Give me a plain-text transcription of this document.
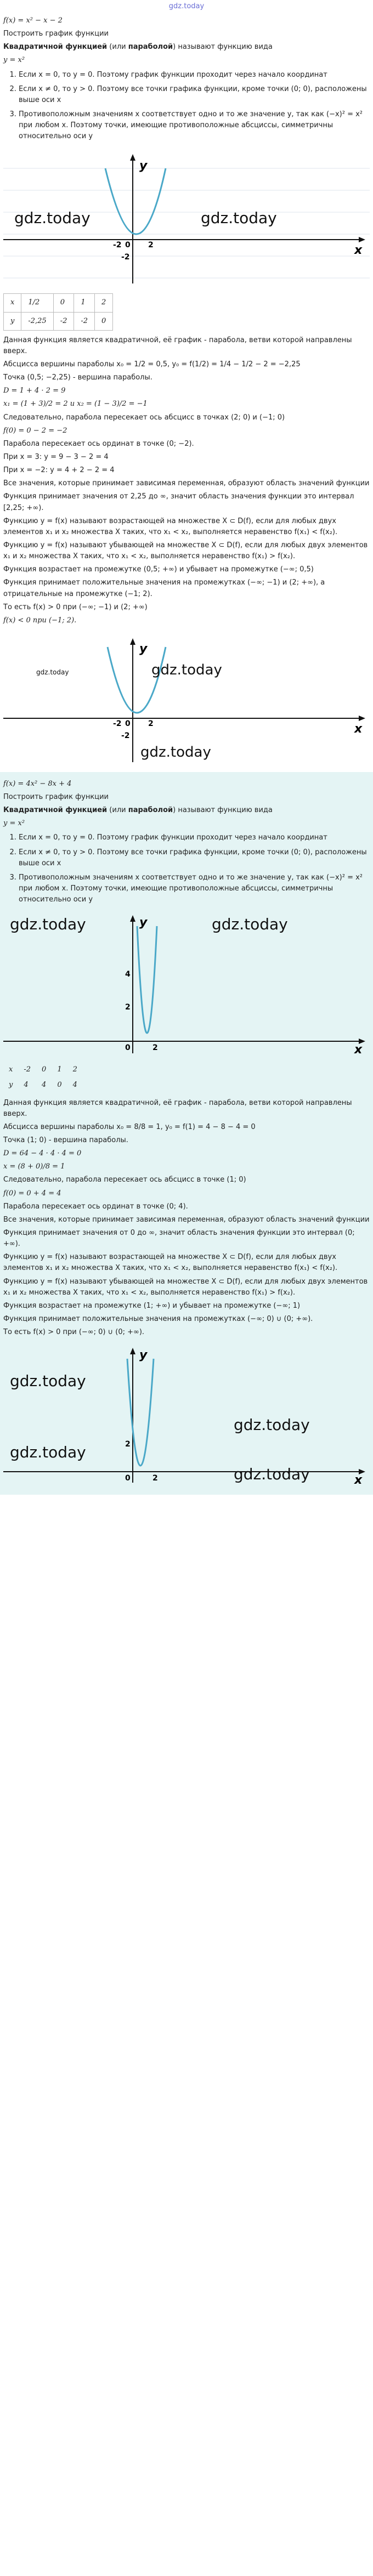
gdz.today

f(x) = x² − x − 2

Построить график функции

Квадратичной функцией (или параболой) называют функцию вида

y = x²

1. Если x = 0, то y = 0. Поэтому график функции проходит через начало координат
2. Если x ≠ 0, то y > 0. Поэтому все точки графика функции, кроме точки (0; 0), расположены выше оси x
3. Противоположным значениям x соответствует одно и то же значение y, так как (−x)² = x² при любом x. Поэтому точки, имеющие противоположные абсциссы, симметричны относительно оси y
y
x
0
-2	2
-2
gdz.today	gdz.today
x	1/2	0	1	2
y	-2,25	-2	-2	0

Данная функция является квадратичной, её график - парабола, ветви которой направлены вверх.

Абсцисса вершины параболы x₀ = 1/2 = 0,5, y₀ = f(1/2) = 1/4 − 1/2 − 2 = −2,25

Точка (0,5; −2,25) - вершина параболы.

D = 1 + 4 · 2 = 9

x₁ = (1 + 3)/2 = 2 и x₂ = (1 − 3)/2 = −1

Следовательно, парабола пересекает ось абсцисс в точках (2; 0) и (−1; 0)

f(0) = 0 − 2 = −2

Парабола пересекает ось ординат в точке (0; −2).

При x = 3: y = 9 − 3 − 2 = 4

При x = −2: y = 4 + 2 − 2 = 4

Все значения, которые принимает зависимая переменная, образуют область значений функции

Функция принимает значения от 2,25 до ∞, значит область значения функции это интервал [2,25; +∞).

Функцию y = f(x) называют возрастающей на множестве X ⊂ D(f), если для любых двух элементов x₁ и x₂ множества X таких, что x₁ < x₂, выполняется неравенство f(x₁) < f(x₂).

Функцию y = f(x) называют убывающей на множестве X ⊂ D(f), если для любых двух элементов x₁ и x₂ множества X таких, что x₁ < x₂, выполняется неравенство f(x₁) > f(x₂).

Функция возрастает на промежутке (0,5; +∞) и убывает на промежутке (−∞; 0,5)

Функция принимает положительные значения на промежутках (−∞; −1) и (2; +∞), а отрицательные на промежутке (−1; 2).

То есть f(x) > 0 при (−∞; −1) и (2; +∞)

f(x) < 0 при (−1; 2).

y
x
0
-2	2
-2
gdz.today	gdz.today
gdz.today

f(x) = 4x² − 8x + 4

Построить график функции

Квадратичной функцией (или параболой) называют функцию вида

y = x²

1. Если x = 0, то y = 0. Поэтому график функции проходит через начало координат
2. Если x ≠ 0, то y > 0. Поэтому все точки графика функции, кроме точки (0; 0), расположены выше оси x
3. Противоположным значениям x соответствует одно и то же значение y, так как (−x)² = x² при любом x. Поэтому точки, имеющие противоположные абсциссы, симметричны относительно оси y
y
x
0	2
4
2
gdz.today	gdz.today
x	-2	0	1	2
y	4	4	0	4

Данная функция является квадратичной, её график - парабола, ветви которой направлены вверх.

Абсцисса вершины параболы x₀ = 8/8 = 1, y₀ = f(1) = 4 − 8 − 4 = 0

Точка (1; 0) - вершина параболы.

D = 64 − 4 · 4 · 4 = 0

x = (8 + 0)/8 = 1

Следовательно, парабола пересекает ось абсцисс в точке (1; 0)

f(0) = 0 + 4 = 4

Парабола пересекает ось ординат в точке (0; 4).

Все значения, которые принимает зависимая переменная, образуют область значений функции

Функция принимает значения от 0 до ∞, значит область значения функции это интервал (0; +∞).

Функцию y = f(x) называют возрастающей на множестве X ⊂ D(f), если для любых двух элементов x₁ и x₂ множества X таких, что x₁ < x₂, выполняется неравенство f(x₁) < f(x₂).

Функцию y = f(x) называют убывающей на множестве X ⊂ D(f), если для любых двух элементов x₁ и x₂ множества X таких, что x₁ < x₂, выполняется неравенство f(x₁) > f(x₂).

Функция возрастает на промежутке (1; +∞) и убывает на промежутке (−∞; 1)

Функция принимает положительные значения на промежутках (−∞; 0) ∪ (0; +∞).

То есть f(x) > 0 при (−∞; 0) ∪ (0; +∞).

y
x
0	2
2
gdz.today
gdz.today
gdz.today
gdz.today
